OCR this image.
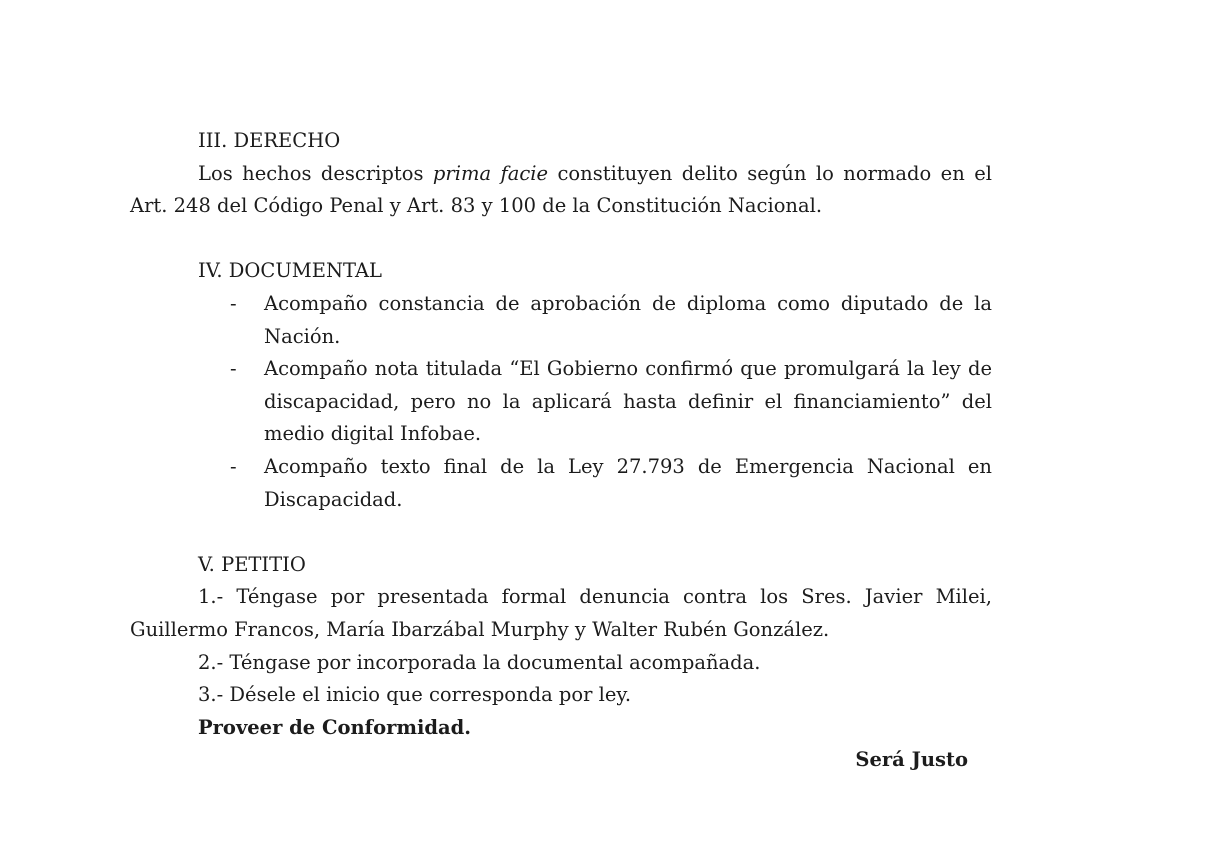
III. DERECHO

Los hechos descriptos prima facie constituyen delito según lo normado en el Art. 248 del Código Penal y Art. 83 y 100 de la Constitución Nacional.

IV. DOCUMENTAL
- Acompaño constancia de aprobación de diploma como diputado de la Nación.
- Acompaño nota titulada “El Gobierno confirmó que promulgará la ley de discapacidad, pero no la aplicará hasta definir el financiamiento” del medio digital Infobae.
- Acompaño texto final de la Ley 27.793 de Emergencia Nacional en Discapacidad.
V. PETITIO

1.- Téngase por presentada formal denuncia contra los Sres. Javier Milei, Guillermo Francos, María Ibarzábal Murphy y Walter Rubén González.

2.- Téngase por incorporada la documental acompañada.

3.- Désele el inicio que corresponda por ley.

Proveer de Conformidad.

Será Justo
